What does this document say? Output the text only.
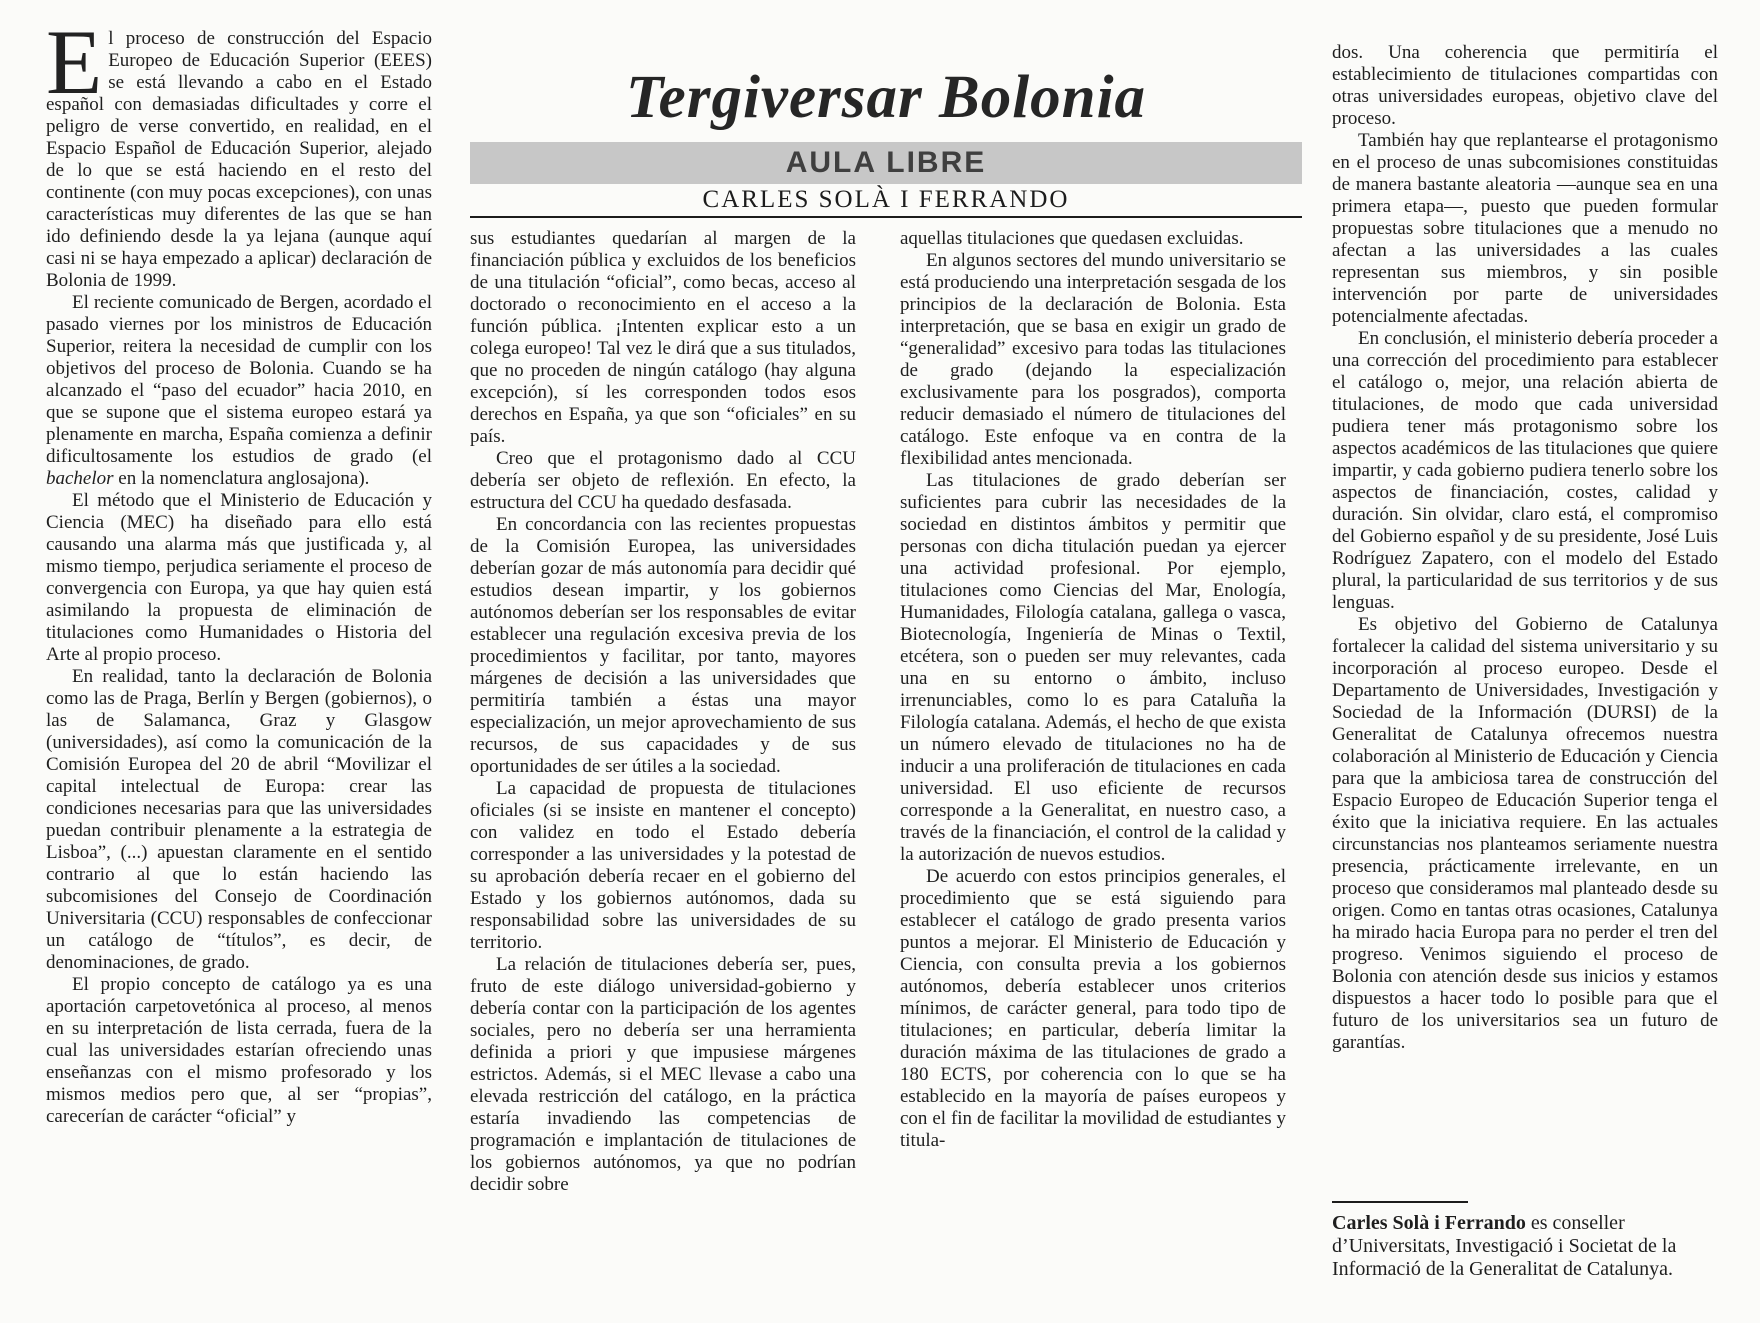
Tergiversar Bolonia
AULA LIBRE
CARLES SOLÀ I FERRANDO

El proceso de construcción del Espacio Europeo de Educación Superior (EEES) se está llevando a cabo en el Estado español con demasiadas dificultades y corre el peligro de verse convertido, en realidad, en el Espacio Español de Educación Superior, alejado de lo que se está haciendo en el resto del continente (con muy pocas excepciones), con unas características muy diferentes de las que se han ido definiendo desde la ya lejana (aunque aquí casi ni se haya empezado a aplicar) declaración de Bolonia de 1999.

El reciente comunicado de Bergen, acordado el pasado viernes por los ministros de Educación Superior, reitera la necesidad de cumplir con los objetivos del proceso de Bolonia. Cuando se ha alcanzado el “paso del ecuador” hacia 2010, en que se supone que el sistema europeo estará ya plenamente en marcha, España comienza a definir dificultosamente los estudios de grado (el bachelor en la nomenclatura anglosajona).

El método que el Ministerio de Educación y Ciencia (MEC) ha diseñado para ello está causando una alarma más que justificada y, al mismo tiempo, perjudica seriamente el proceso de convergencia con Europa, ya que hay quien está asimilando la propuesta de eliminación de titulaciones como Humanidades o Historia del Arte al propio proceso.

En realidad, tanto la declaración de Bolonia como las de Praga, Berlín y Bergen (gobiernos), o las de Salamanca, Graz y Glasgow (universidades), así como la comunicación de la Comisión Europea del 20 de abril “Movilizar el capital intelectual de Europa: crear las condiciones necesarias para que las universidades puedan contribuir plenamente a la estrategia de Lisboa”, (...) apuestan claramente en el sentido contrario al que lo están haciendo las subcomisiones del Consejo de Coordinación Universitaria (CCU) responsables de confeccionar un catálogo de “títulos”, es decir, de denominaciones, de grado.

El propio concepto de catálogo ya es una aportación carpetovetónica al proceso, al menos en su interpretación de lista cerrada, fuera de la cual las universidades estarían ofreciendo unas enseñanzas con el mismo profesorado y los mismos medios pero que, al ser “propias”, carecerían de carácter “oficial” y

sus estudiantes quedarían al margen de la financiación pública y excluidos de los beneficios de una titulación “oficial”, como becas, acceso al doctorado o reconocimiento en el acceso a la función pública. ¡Intenten explicar esto a un colega europeo! Tal vez le dirá que a sus titulados, que no proceden de ningún catálogo (hay alguna excepción), sí les corresponden todos esos derechos en España, ya que son “oficiales” en su país.

Creo que el protagonismo dado al CCU debería ser objeto de reflexión. En efecto, la estructura del CCU ha quedado desfasada.

En concordancia con las recientes propuestas de la Comisión Europea, las universidades deberían gozar de más autonomía para decidir qué estudios desean impartir, y los gobiernos autónomos deberían ser los responsables de evitar establecer una regulación excesiva previa de los procedimientos y facilitar, por tanto, mayores márgenes de decisión a las universidades que permitiría también a éstas una mayor especialización, un mejor aprovechamiento de sus recursos, de sus capacidades y de sus oportunidades de ser útiles a la sociedad.

La capacidad de propuesta de titulaciones oficiales (si se insiste en mantener el concepto) con validez en todo el Estado debería corresponder a las universidades y la potestad de su aprobación debería recaer en el gobierno del Estado y los gobiernos autónomos, dada su responsabilidad sobre las universidades de su territorio.

La relación de titulaciones debería ser, pues, fruto de este diálogo universidad-gobierno y debería contar con la participación de los agentes sociales, pero no debería ser una herramienta definida a priori y que impusiese márgenes estrictos. Además, si el MEC llevase a cabo una elevada restricción del catálogo, en la práctica estaría invadiendo las competencias de programación e implantación de titulaciones de los gobiernos autónomos, ya que no podrían decidir sobre

aquellas titulaciones que quedasen excluidas.

En algunos sectores del mundo universitario se está produciendo una interpretación sesgada de los principios de la declaración de Bolonia. Esta interpretación, que se basa en exigir un grado de “generalidad” excesivo para todas las titulaciones de grado (dejando la especialización exclusivamente para los posgrados), comporta reducir demasiado el número de titulaciones del catálogo. Este enfoque va en contra de la flexibilidad antes mencionada.

Las titulaciones de grado deberían ser suficientes para cubrir las necesidades de la sociedad en distintos ámbitos y permitir que personas con dicha titulación puedan ya ejercer una actividad profesional. Por ejemplo, titulaciones como Ciencias del Mar, Enología, Humanidades, Filología catalana, gallega o vasca, Biotecnología, Ingeniería de Minas o Textil, etcétera, son o pueden ser muy relevantes, cada una en su entorno o ámbito, incluso irrenunciables, como lo es para Cataluña la Filología catalana. Además, el hecho de que exista un número elevado de titulaciones no ha de inducir a una proliferación de titulaciones en cada universidad. El uso eficiente de recursos corresponde a la Generalitat, en nuestro caso, a través de la financiación, el control de la calidad y la autorización de nuevos estudios.

De acuerdo con estos principios generales, el procedimiento que se está siguiendo para establecer el catálogo de grado presenta varios puntos a mejorar. El Ministerio de Educación y Ciencia, con consulta previa a los gobiernos autónomos, debería establecer unos criterios mínimos, de carácter general, para todo tipo de titulaciones; en particular, debería limitar la duración máxima de las titulaciones de grado a 180 ECTS, por coherencia con lo que se ha establecido en la mayoría de países europeos y con el fin de facilitar la movilidad de estudiantes y titula-

dos. Una coherencia que permitiría el establecimiento de titulaciones compartidas con otras universidades europeas, objetivo clave del proceso.

También hay que replantearse el protagonismo en el proceso de unas subcomisiones constituidas de manera bastante aleatoria —aunque sea en una primera etapa—, puesto que pueden formular propuestas sobre titulaciones que a menudo no afectan a las universidades a las cuales representan sus miembros, y sin posible intervención por parte de universidades potencialmente afectadas.

En conclusión, el ministerio debería proceder a una corrección del procedimiento para establecer el catálogo o, mejor, una relación abierta de titulaciones, de modo que cada universidad pudiera tener más protagonismo sobre los aspectos académicos de las titulaciones que quiere impartir, y cada gobierno pudiera tenerlo sobre los aspectos de financiación, costes, calidad y duración. Sin olvidar, claro está, el compromiso del Gobierno español y de su presidente, José Luis Rodríguez Zapatero, con el modelo del Estado plural, la particularidad de sus territorios y de sus lenguas.

Es objetivo del Gobierno de Catalunya fortalecer la calidad del sistema universitario y su incorporación al proceso europeo. Desde el Departamento de Universidades, Investigación y Sociedad de la Información (DURSI) de la Generalitat de Catalunya ofrecemos nuestra colaboración al Ministerio de Educación y Ciencia para que la ambiciosa tarea de construcción del Espacio Europeo de Educación Superior tenga el éxito que la iniciativa requiere. En las actuales circunstancias nos planteamos seriamente nuestra presencia, prácticamente irrelevante, en un proceso que consideramos mal planteado desde su origen. Como en tantas otras ocasiones, Catalunya ha mirado hacia Europa para no perder el tren del progreso. Venimos siguiendo el proceso de Bolonia con atención desde sus inicios y estamos dispuestos a hacer todo lo posible para que el futuro de los universitarios sea un futuro de garantías.

Carles Solà i Ferrando es conseller d’Universitats, Investigació i Societat de la Informació de la Generalitat de Catalunya.
